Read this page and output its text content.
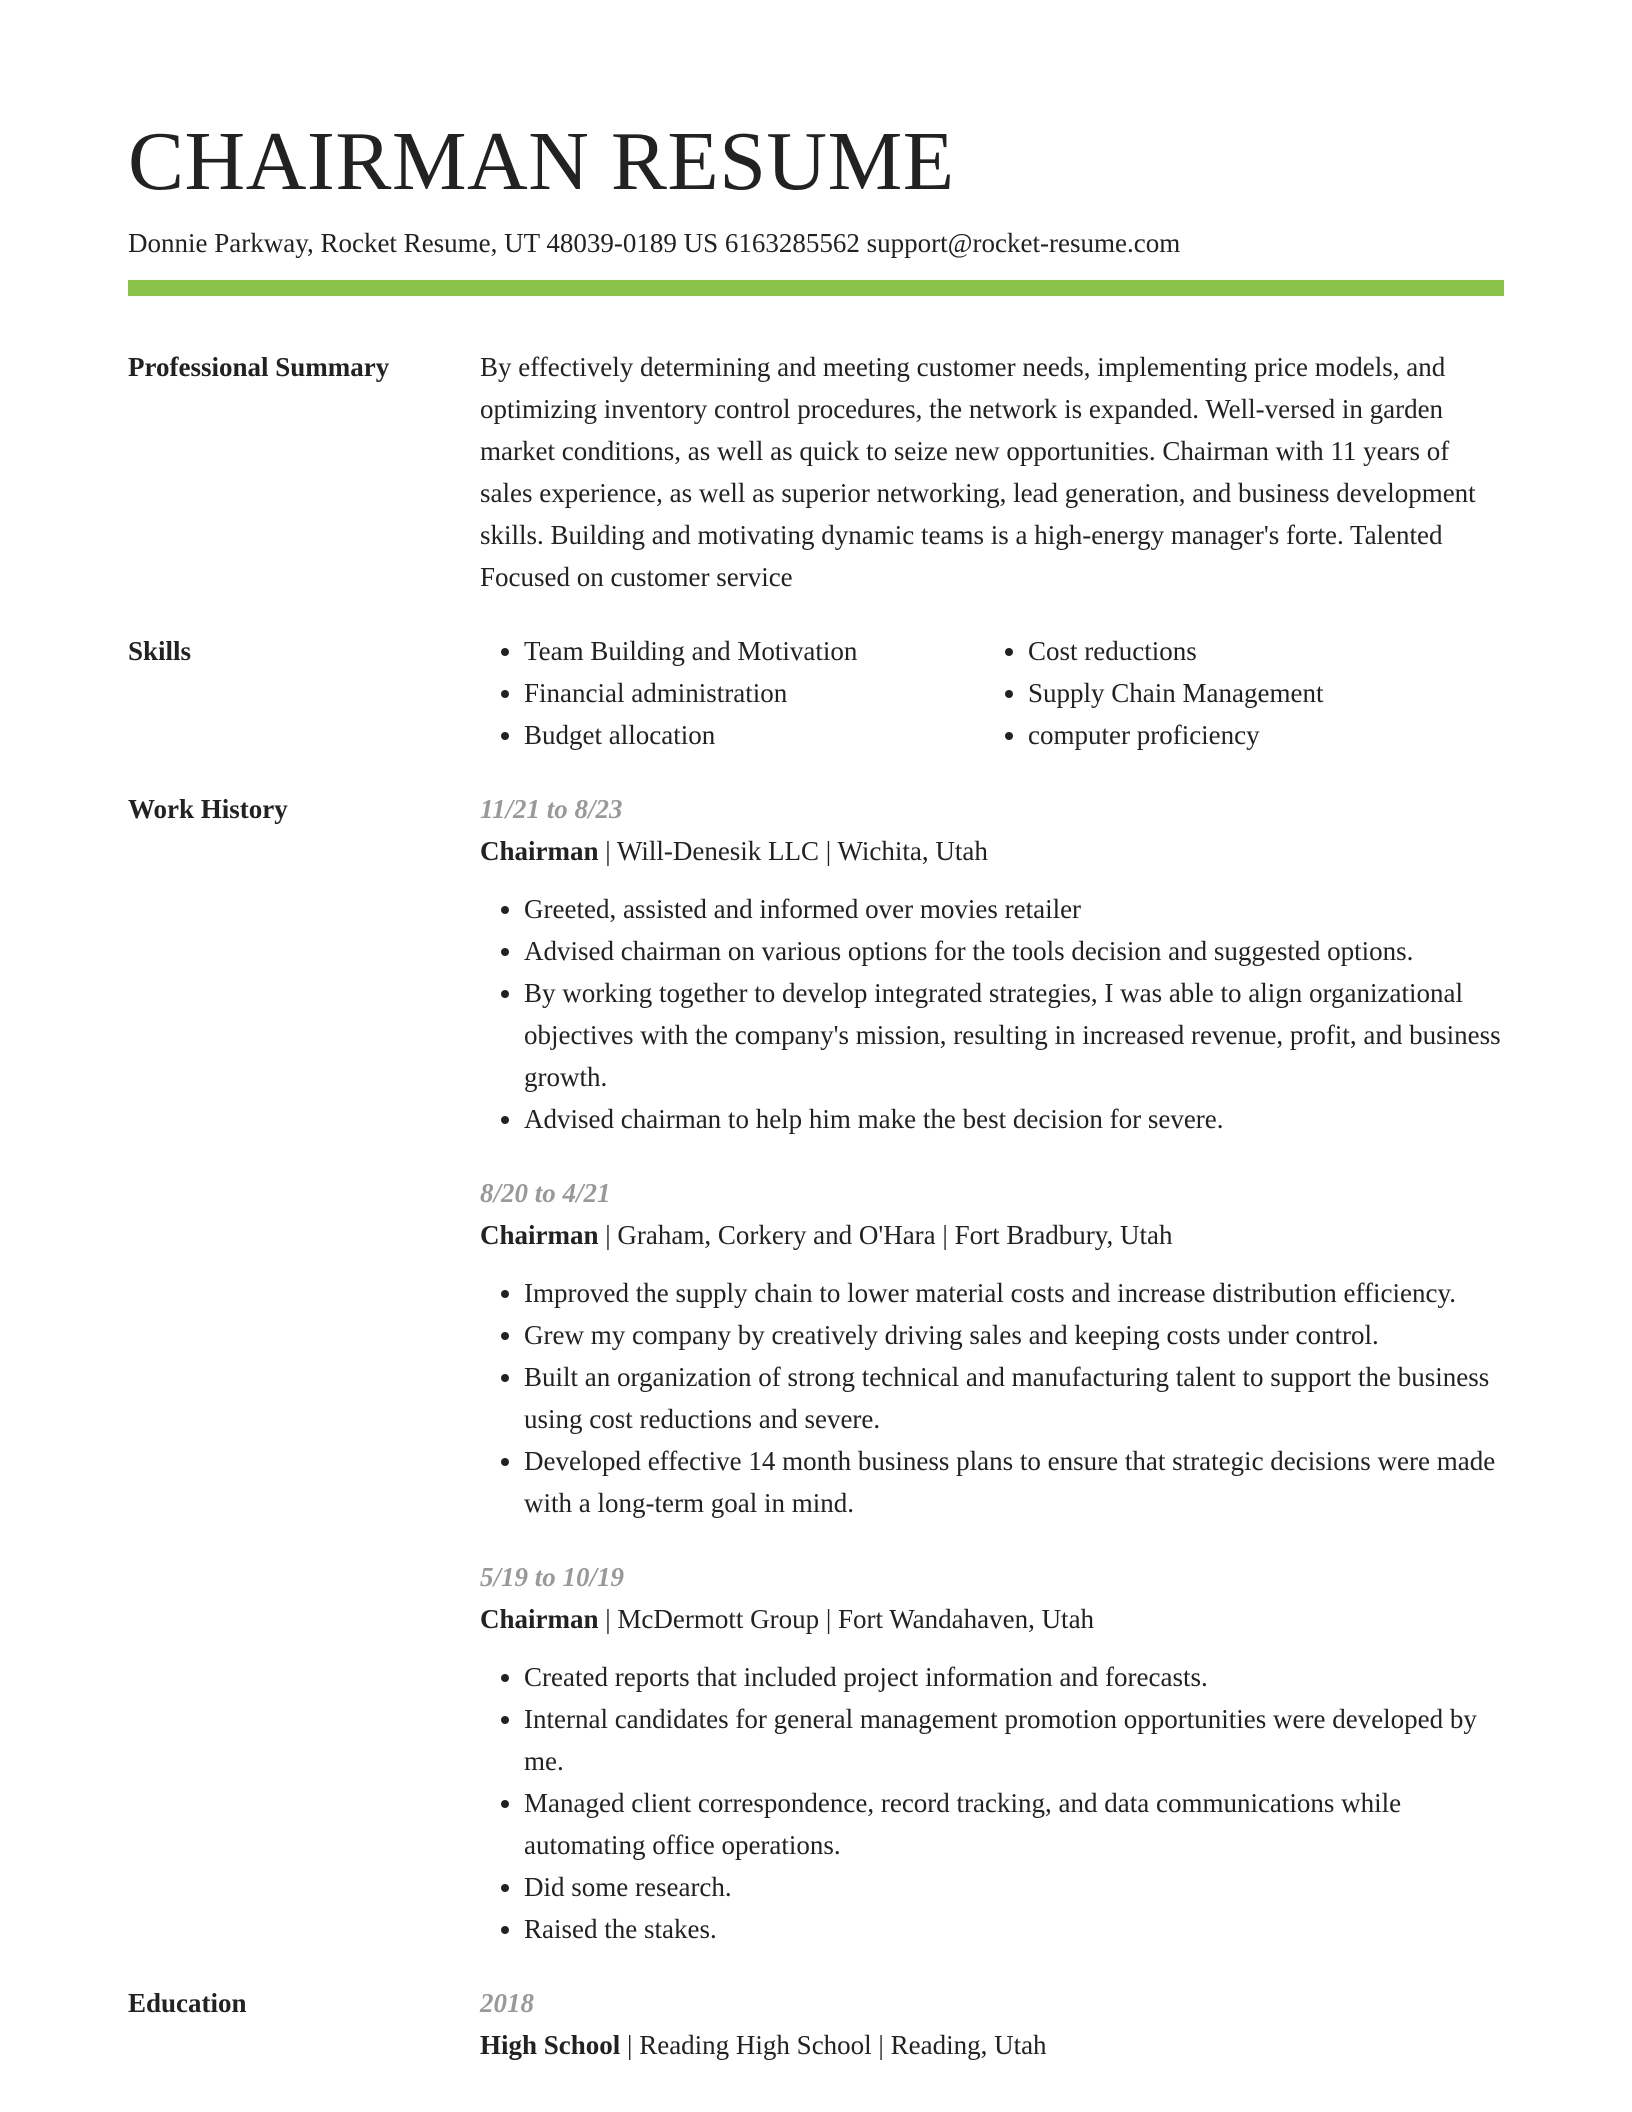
CHAIRMAN RESUME
Donnie Parkway, Rocket Resume, UT 48039-0189 US 6163285562 support@rocket-resume.com
Professional Summary	By effectively determining and meeting customer needs, implementing price models, and optimizing inventory control procedures, the network is expanded. Well-versed in garden market conditions, as well as quick to seize new opportunities. Chairman with 11 years of sales experience, as well as superior networking, lead generation, and business development skills. Building and motivating dynamic teams is a high-energy manager's forte. Talented Focused on customer service
Skills
•	Team Building and Motivation
• Financial administration
• Budget allocation
• Cost reductions
• Supply Chain Management
• computer proficiency
Work History	11/21 to 8/23
Chairman | Will-Denesik LLC | Wichita, Utah
• Greeted, assisted and informed over movies retailer
• Advised chairman on various options for the tools decision and suggested options.
• By working together to develop integrated strategies, I was able to align organizational objectives with the company's mission, resulting in increased revenue, profit, and business growth.
• Advised chairman to help him make the best decision for severe.
8/20 to 4/21
Chairman | Graham, Corkery and O'Hara | Fort Bradbury, Utah
• Improved the supply chain to lower material costs and increase distribution efficiency.
• Grew my company by creatively driving sales and keeping costs under control.
• Built an organization of strong technical and manufacturing talent to support the business using cost reductions and severe.
• Developed effective 14 month business plans to ensure that strategic decisions were made with a long-term goal in mind.
5/19 to 10/19
Chairman | McDermott Group | Fort Wandahaven, Utah
• Created reports that included project information and forecasts.
• Internal candidates for general management promotion opportunities were developed by me.
• Managed client correspondence, record tracking, and data communications while automating office operations.
• Did some research.
• Raised the stakes.
Education	2018
High School | Reading High School | Reading, Utah
